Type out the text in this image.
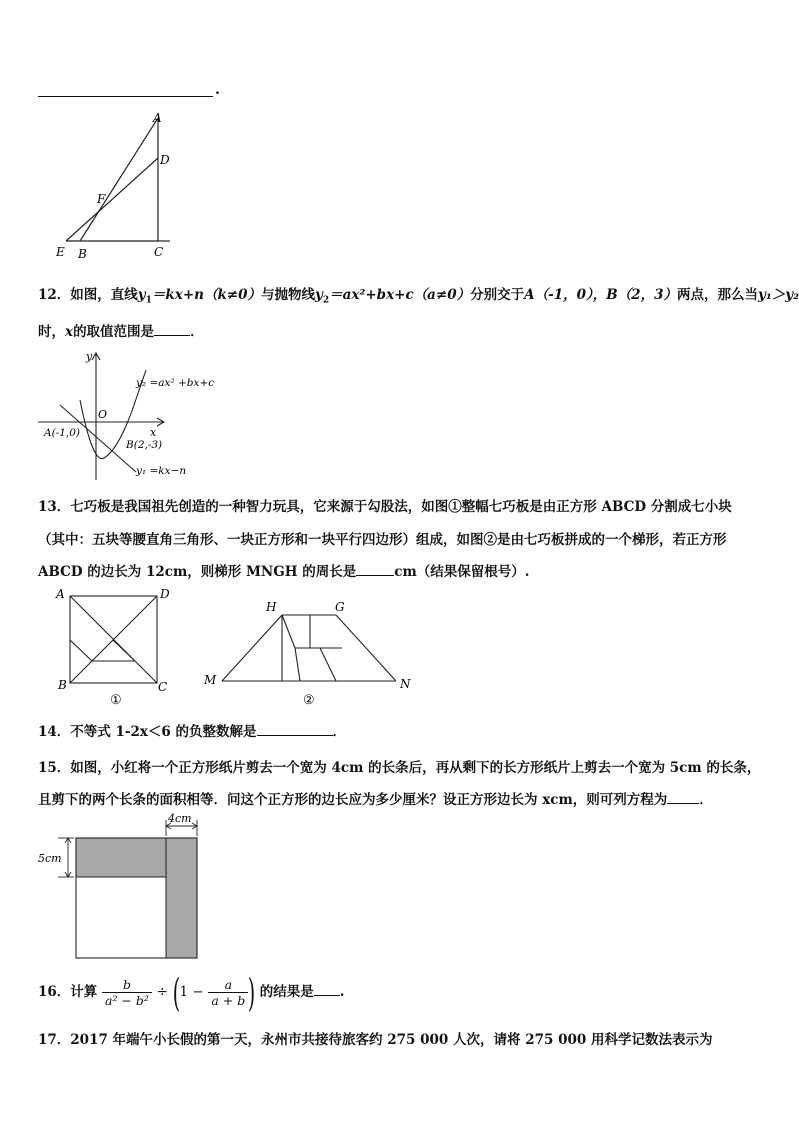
.
A
D
F
E B	C
12．如图，直线$y_1=kx+n(k\ne 0)$与抛物线$y_2=ax^2+bx+c(a\ne 0)$分别交于A（-1，0），B（2，3）两点，那么当y₁＞y₂
时，x的取值范围是	．
y
x
O
A(-1,0)
B(2,-3)
y₂ =ax² +bx+c
y₁ =kx−n
13．七巧板是我国祖先创造的一种智力玩具，它来源于勾股法，如图①整幅七巧板是由正方形 ABCD 分割成七小块
（其中：五块等腰直角三角形、一块正方形和一块平行四边形）组成，如图②是由七巧板拼成的一个梯形，若正方形
ABCD 的边长为 12cm，则梯形 MNGH 的周长是	cm（结果保留根号）.
A	D
B	C
①
H	G
M	N
②
14．不等式 1-2x＜6 的负整数解是	．
15．如图，小红将一个正方形纸片剪去一个宽为 4cm 的长条后，再从剩下的长方形纸片上剪去一个宽为 5cm 的长条，
且剪下的两个长条的面积相等．问这个正方形的边长应为多少厘米？设正方形边长为 xcm，则可列方程为 ．
4cm
5cm
16．计算 $\frac{b}{\text{a² − b²}} \div (1 - \frac{a}{a + b}$ ) 的结果是 .
17．2017 年端午小长假的第一天，永州市共接待旅客约 275 000 人次，请将 275 000 用科学记数法表示为
